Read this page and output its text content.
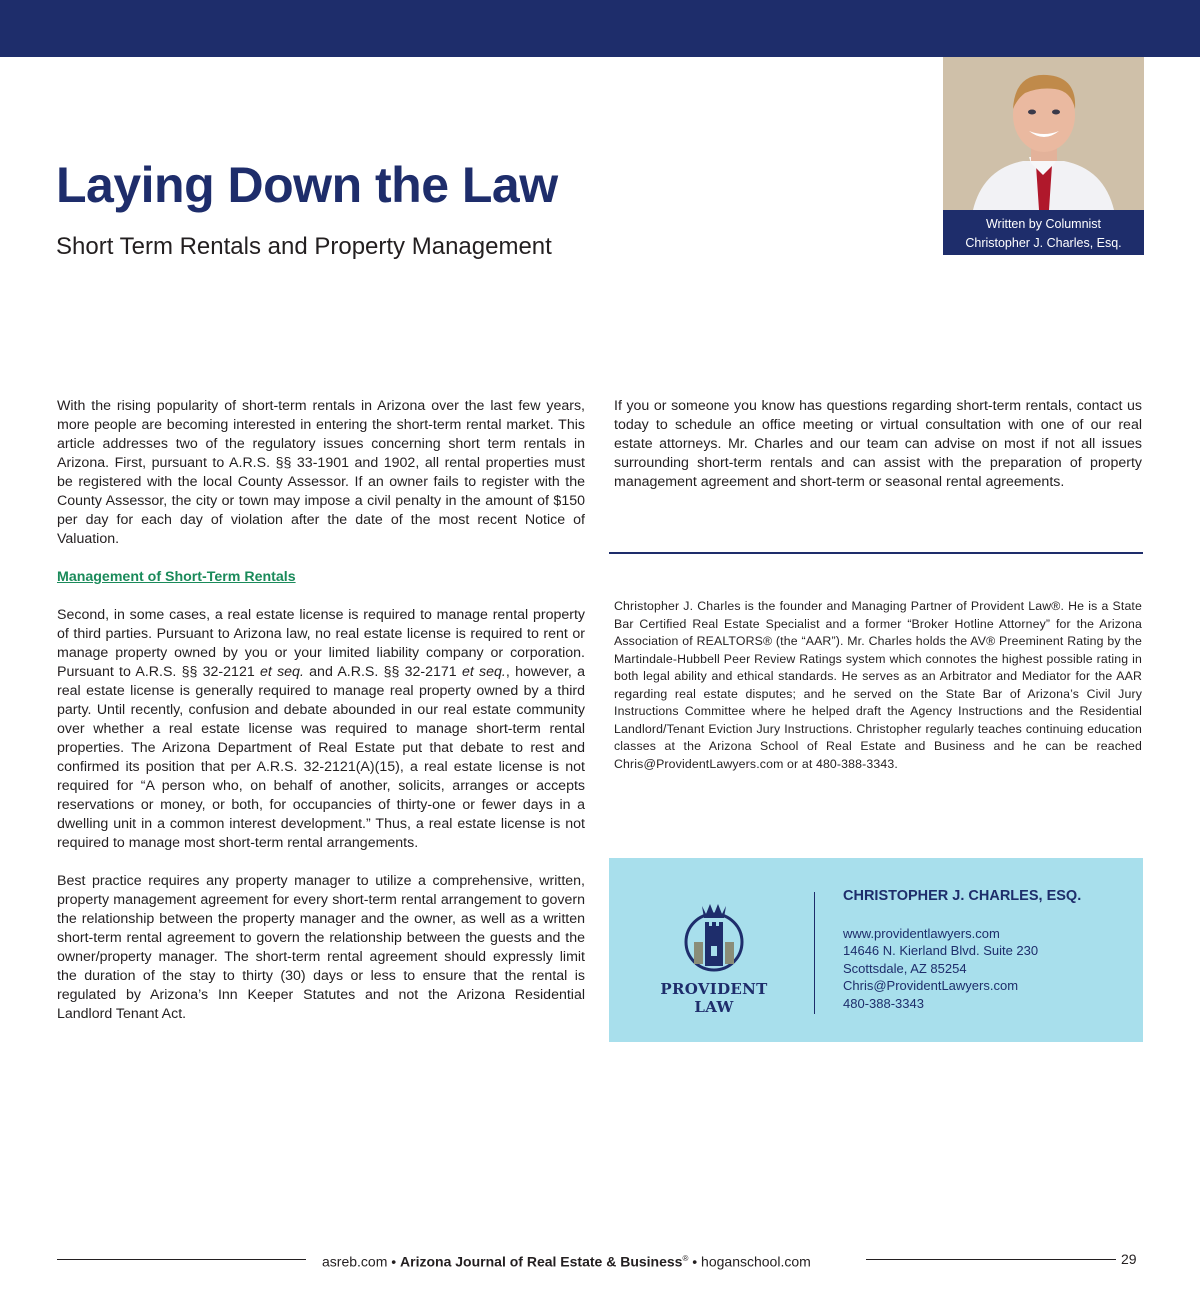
Laying Down the Law
Short Term Rentals and Property Management
Written by Columnist
Christopher J. Charles, Esq.

With the rising popularity of short-term rentals in Arizona over the last few years, more people are becoming interested in entering the short-term rental market. This article addresses two of the regulatory issues concerning short term rentals in Arizona. First, pursuant to A.R.S. §§ 33-1901 and 1902, all rental properties must be registered with the local County Assessor. If an owner fails to register with the County Assessor, the city or town may impose a civil penalty in the amount of $150 per day for each day of violation after the date of the most recent Notice of Valuation.

Management of Short-Term Rentals

Second, in some cases, a real estate license is required to manage rental property of third parties. Pursuant to Arizona law, no real estate license is required to rent or manage property owned by you or your limited liability company or corporation. Pursuant to A.R.S. §§ 32-2121 et seq. and A.R.S. §§ 32-2171 et seq., however, a real estate license is generally required to manage real property owned by a third party. Until recently, confusion and debate abounded in our real estate community over whether a real estate license was required to manage short-term rental properties. The Arizona Department of Real Estate put that debate to rest and confirmed its position that per A.R.S. 32-2121(A)(15), a real estate license is not required for “A person who, on behalf of another, solicits, arranges or accepts reservations or money, or both, for occupancies of thirty-one or fewer days in a dwelling unit in a common interest development.” Thus, a real estate license is not required to manage most short-term rental arrangements.

Best practice requires any property manager to utilize a comprehensive, written, property management agreement for every short-term rental arrangement to govern the relationship between the property manager and the owner, as well as a written short-term rental agreement to govern the relationship between the guests and the owner/property manager. The short-term rental agreement should expressly limit the duration of the stay to thirty (30) days or less to ensure that the rental is regulated by Arizona’s Inn Keeper Statutes and not the Arizona Residential Landlord Tenant Act.

If you or someone you know has questions regarding short-term rentals, contact us today to schedule an office meeting or virtual consultation with one of our real estate attorneys. Mr. Charles and our team can advise on most if not all issues surrounding short-term rentals and can assist with the preparation of property management agreement and short-term or seasonal rental agreements.

Christopher J. Charles is the founder and Managing Partner of Provident Law®. He is a State Bar Certified Real Estate Specialist and a former “Broker Hotline Attorney” for the Arizona Association of REALTORS® (the “AAR”). Mr. Charles holds the AV® Preeminent Rating by the Martindale-Hubbell Peer Review Ratings system which connotes the highest possible rating in both legal ability and ethical standards. He serves as an Arbitrator and Mediator for the AAR regarding real estate disputes; and he served on the State Bar of Arizona’s Civil Jury Instructions Committee where he helped draft the Agency Instructions and the Residential Landlord/Tenant Eviction Jury Instructions. Christopher regularly teaches continuing education classes at the Arizona School of Real Estate and Business and he can be reached Chris@ProvidentLawyers.com or at 480-388-3343.

PROVIDENT LAW
CHRISTOPHER J. CHARLES, ESQ.
www.providentlawyers.com
14646 N. Kierland Blvd. Suite 230
Scottsdale, AZ 85254
Chris@ProvidentLawyers.com
480-388-3343
asreb.com • Arizona Journal of Real Estate & Business® • hoganschool.com	29
